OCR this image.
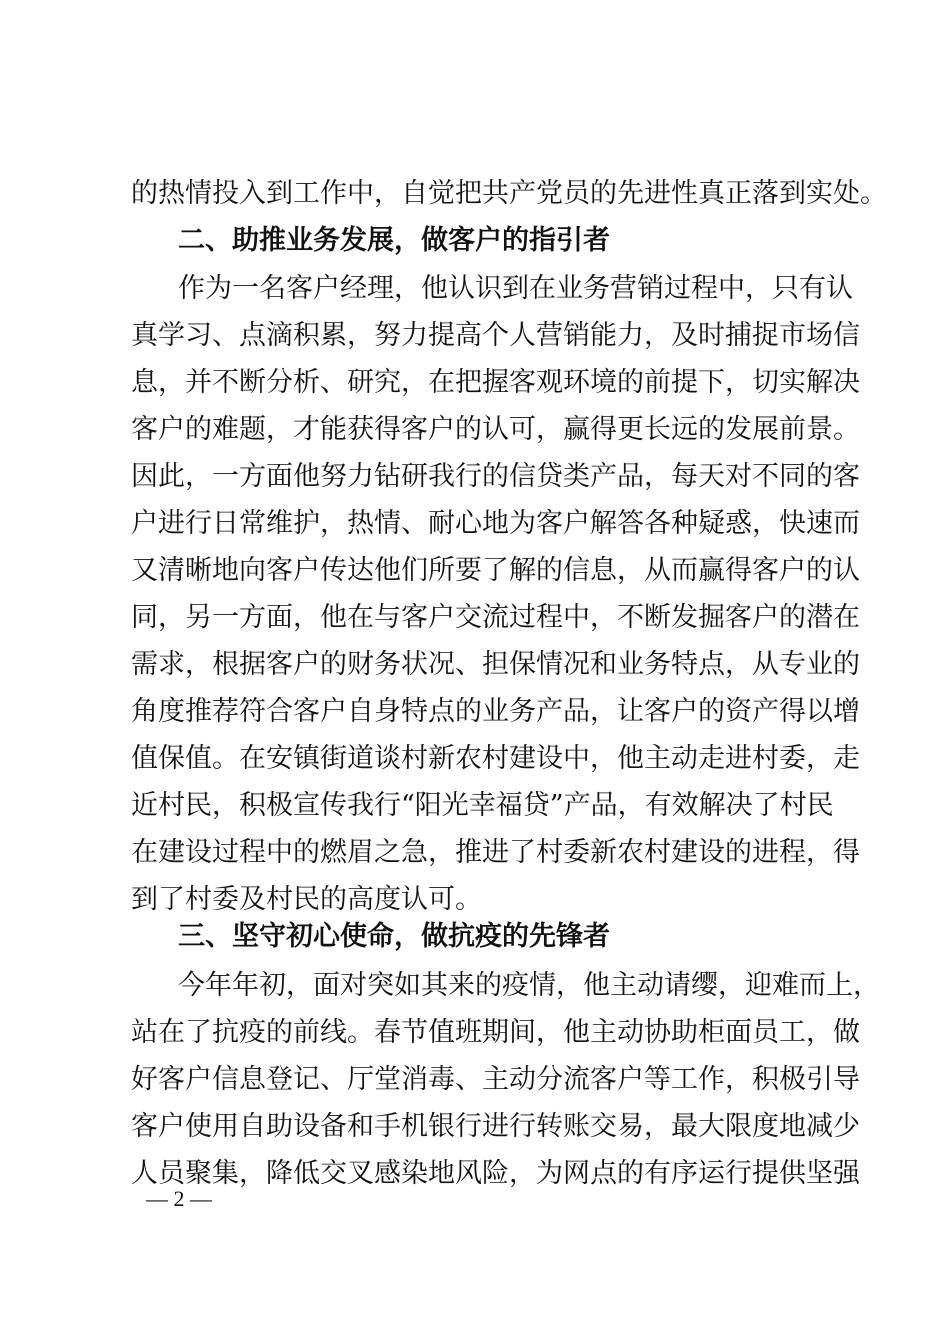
的热情投入到工作中，自觉把共产党员的先进性真正落到实处。
二、助推业务发展，做客户的指引者
作为一名客户经理，他认识到在业务营销过程中，只有认
真学习、点滴积累，努力提高个人营销能力，及时捕捉市场信
息，并不断分析、研究，在把握客观环境的前提下，切实解决
客户的难题，才能获得客户的认可，赢得更长远的发展前景。
因此，一方面他努力钻研我行的信贷类产品，每天对不同的客
户进行日常维护，热情、耐心地为客户解答各种疑惑，快速而
又清晰地向客户传达他们所要了解的信息，从而赢得客户的认
同，另一方面，他在与客户交流过程中，不断发掘客户的潜在
需求，根据客户的财务状况、担保情况和业务特点，从专业的
角度推荐符合客户自身特点的业务产品，让客户的资产得以增
值保值。在安镇街道谈村新农村建设中，他主动走进村委，走
近村民，积极宣传我行“阳光幸福贷”产品，有效解决了村民
在建设过程中的燃眉之急，推进了村委新农村建设的进程，得
到了村委及村民的高度认可。
三、坚守初心使命，做抗疫的先锋者
今年年初，面对突如其来的疫情，他主动请缨，迎难而上，
站在了抗疫的前线。春节值班期间，他主动协助柜面员工，做
好客户信息登记、厅堂消毒、主动分流客户等工作，积极引导
客户使用自助设备和手机银行进行转账交易，最大限度地减少
人员聚集，降低交叉感染地风险，为网点的有序运行提供坚强
— 2 —
